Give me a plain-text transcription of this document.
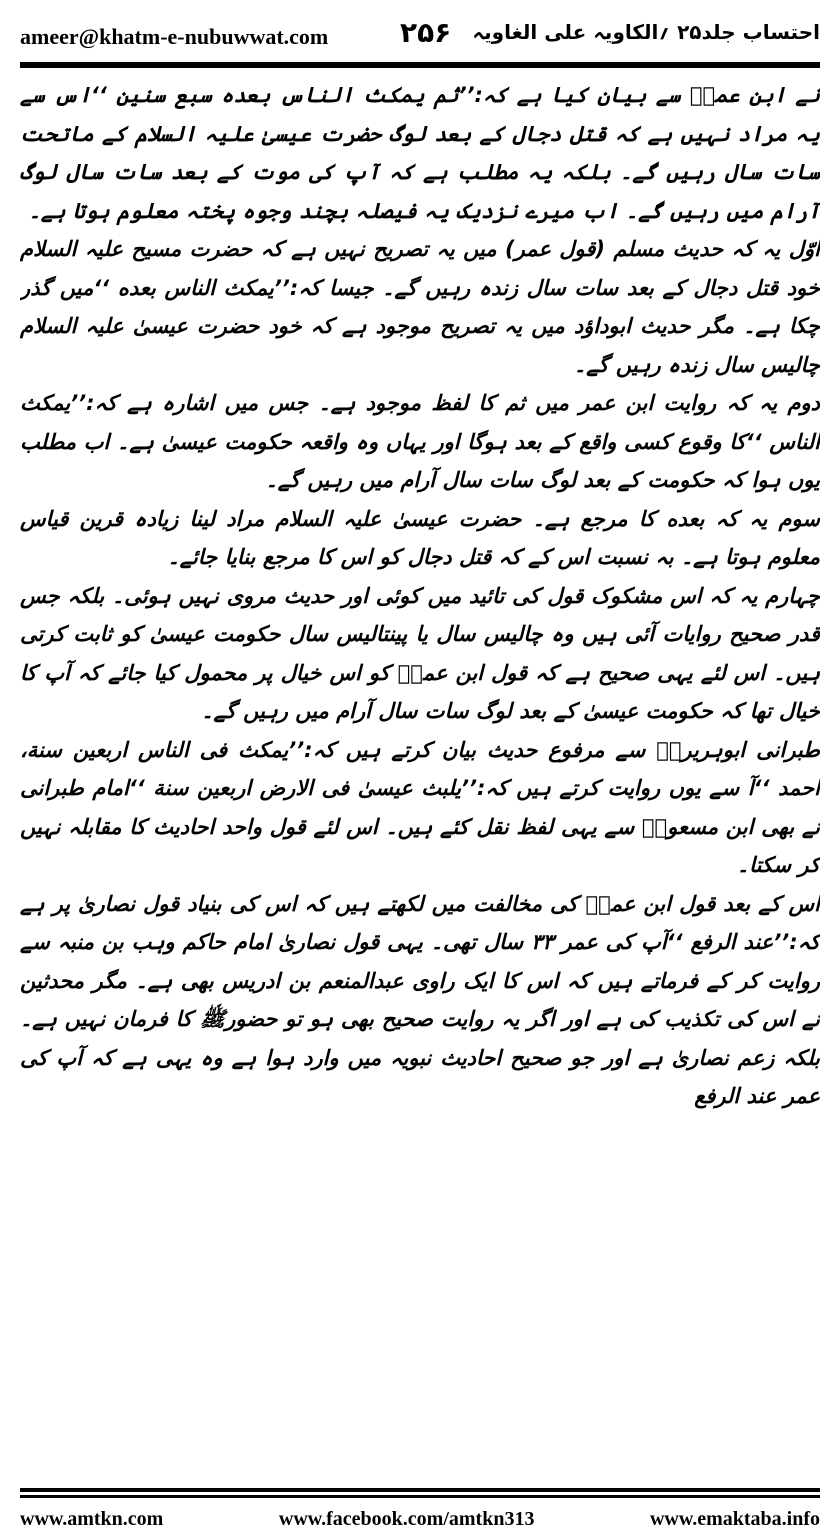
ameer@khatm-e-nubuwwat.com	۲۵۶ احتساب جلد۲۵ ؍الکاویہ علی الغاویہ

نے ابن عمرؓ سے بیان کیا ہے کہ:’’ثم یمکث الناس بعده سبع سنین ‘‘اس سے یہ مراد نہیں ہے کہ قتل دجال کے بعد لوگ حضرت عیسیٰ علیہ السلام کے ماتحت سات سال رہیں گے۔ بلکہ یہ مطلب ہے کہ آپ کی موت کے بعد سات سال لوگ آرام میں رہیں گے۔ اب میرے نزدیک یہ فیصلہ بچند وجوہ پختہ معلوم ہوتا ہے۔

اوّل یہ کہ حدیث مسلم (قول عمر) میں یہ تصریح نہیں ہے کہ حضرت مسیح علیہ السلام خود قتل دجال کے بعد سات سال زندہ رہیں گے۔ جیسا کہ:’’یمکث الناس بعده ‘‘میں گذر چکا ہے۔ مگر حدیث ابوداؤد میں یہ تصریح موجود ہے کہ خود حضرت عیسیٰ علیہ السلام چالیس سال زندہ رہیں گے۔

دوم یہ کہ روایت ابن عمر میں ثم کا لفظ موجود ہے۔ جس میں اشارہ ہے کہ:’’یمکث الناس ‘‘کا وقوع کسی واقع کے بعد ہوگا اور یہاں وہ واقعہ حکومت عیسیٰ ہے۔ اب مطلب یوں ہوا کہ حکومت کے بعد لوگ سات سال آرام میں رہیں گے۔

سوم یہ کہ بعده کا مرجع ہے۔ حضرت عیسیٰ علیہ السلام مراد لینا زیادہ قرین قیاس معلوم ہوتا ہے۔ بہ نسبت اس کے کہ قتل دجال کو اس کا مرجع بنایا جائے۔

چہارم یہ کہ اس مشکوک قول کی تائید میں کوئی اور حدیث مروی نہیں ہوئی۔ بلکہ جس قدر صحیح روایات آئی ہیں وہ چالیس سال یا پینتالیس سال حکومت عیسیٰ کو ثابت کرتی ہیں۔ اس لئے یہی صحیح ہے کہ قول ابن عمرؓ کو اس خیال پر محمول کیا جائے کہ آپ کا خیال تھا کہ حکومت عیسیٰ کے بعد لوگ سات سال آرام میں رہیں گے۔

طبرانی ابوہریرہؓ سے مرفوع حدیث بیان کرتے ہیں کہ:’’یمکث فی الناس اربعین سنة، احمد ‘‘آ سے یوں روایت کرتے ہیں کہ:’’یلبث عیسیٰ فی الارض اربعین سنة ‘‘امام طبرانی نے بھی ابن مسعودؓ سے یہی لفظ نقل کئے ہیں۔ اس لئے قول واحد احادیث کا مقابلہ نہیں کر سکتا۔

اس کے بعد قول ابن عمرؓ کی مخالفت میں لکھتے ہیں کہ اس کی بنیاد قول نصاریٰ پر ہے کہ:’’عند الرفع ‘‘آپ کی عمر ۳۳ سال تھی۔ یہی قول نصاریٰ امام حاکم وہب بن منبہ سے روایت کر کے فرماتے ہیں کہ اس کا ایک راوی عبدالمنعم بن ادریس بھی ہے۔ مگر محدثین نے اس کی تکذیب کی ہے اور اگر یہ روایت صحیح بھی ہو تو حضورﷺ کا فرمان نہیں ہے۔ بلکہ زعم نصاریٰ ہے اور جو صحیح احادیث نبویہ میں وارد ہوا ہے وہ یہی ہے کہ آپ کی عمر عند الرفع

www.amtkn.com	www.facebook.com/amtkn313	www.emaktaba.info
